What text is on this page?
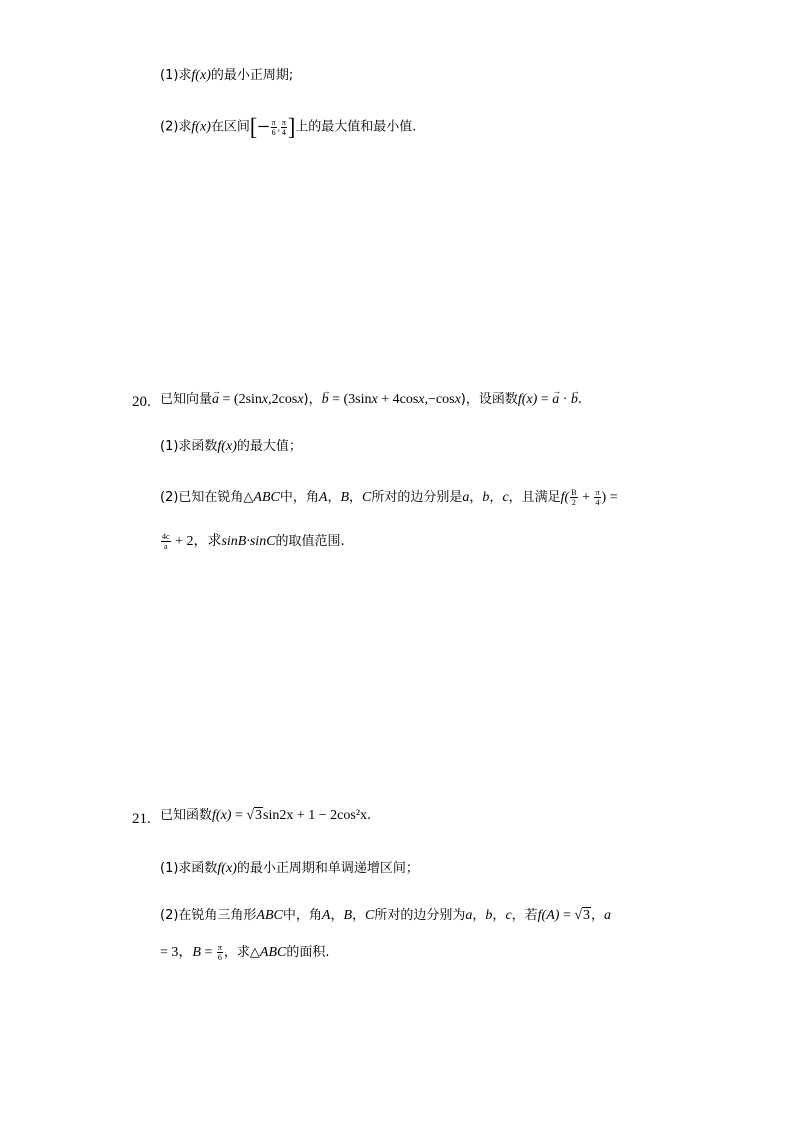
(1)求f(x)的最小正周期;
(2)求f(x)在区间[− $\frac{\pi}{6}$ , $\frac{\pi}{4}$ ]上的最大值和最小值.
20. 已知向量→ a = (2sinx,2cosx)，→ b = (3sinx + 4cosx,−cosx)，设函数f(x) = → a · → b.
(1)求函数f(x)的最大值；
(2)已知在锐角△ABC中，角A，B，C所对的边分别是a，b，c，且满足$f( \frac{B}{2} + \frac{\pi}{4}$ ) =
$\frac{4c}{a} + 2$，求sinB·sinC的取值范围.
21. 已知函数f(x) = √3sin2x + 1 − 2cos²x.
(1)求函数f(x)的最小正周期和单调递增区间；
(2)在锐角三角形ABC中，角A，B，C所对的边分别为a，b，c，若f(A) = √3，a
= 3，$B = \frac{\pi}{6}$ ，求△ABC的面积.
